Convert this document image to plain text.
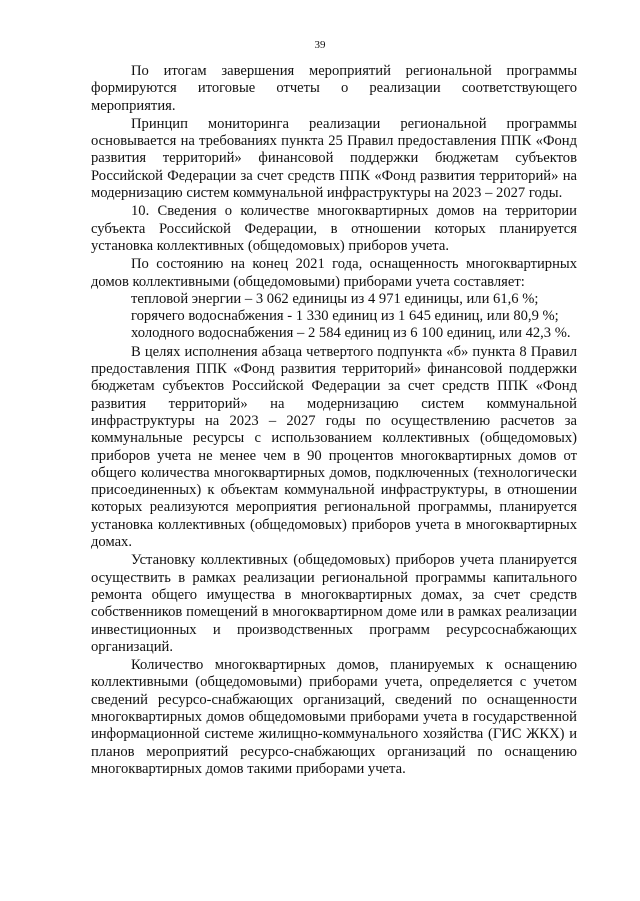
39

По итогам завершения мероприятий региональной программы формируются итоговые отчеты о реализации соответствующего мероприятия.

Принцип мониторинга реализации региональной программы основывается на требованиях пункта 25 Правил предоставления ППК «Фонд развития территорий» финансовой поддержки бюджетам субъектов Российской Федерации за счет средств ППК «Фонд развития территорий» на модернизацию систем коммунальной инфраструктуры на 2023 – 2027 годы.

10. Сведения о количестве многоквартирных домов на территории субъекта Российской Федерации, в отношении которых планируется установка коллективных (общедомовых) приборов учета.

По состоянию на конец 2021 года, оснащенность многоквартирных домов коллективными (общедомовыми) приборами учета составляет:

тепловой энергии – 3 062 единицы из 4 971 единицы, или 61,6 %;

горячего водоснабжения - 1 330 единиц из 1 645 единиц, или 80,9 %;

холодного водоснабжения – 2 584 единиц из 6 100 единиц, или 42,3 %.

В целях исполнения абзаца четвертого подпункта «б» пункта 8 Правил предоставления ППК «Фонд развития территорий» финансовой поддержки бюджетам субъектов Российской Федерации за счет средств ППК «Фонд развития территорий» на модернизацию систем коммунальной инфраструктуры на 2023 – 2027 годы по осуществлению расчетов за коммунальные ресурсы с использованием коллективных (общедомовых) приборов учета не менее чем в 90 процентов многоквартирных домов от общего количества многоквартирных домов, подключенных (технологически присоединенных) к объектам коммунальной инфраструктуры, в отношении которых реализуются мероприятия региональной программы, планируется установка коллективных (общедомовых) приборов учета в многоквартирных домах.

Установку коллективных (общедомовых) приборов учета планируется осуществить в рамках реализации региональной программы капитального ремонта общего имущества в многоквартирных домах, за счет средств собственников помещений в многоквартирном доме или в рамках реализации инвестиционных и производственных программ ресурсоснабжающих организаций.

Количество многоквартирных домов, планируемых к оснащению коллективными (общедомовыми) приборами учета, определяется с учетом сведений ресурсо-снабжающих организаций, сведений по оснащенности многоквартирных домов общедомовыми приборами учета в государственной информационной системе жилищно-коммунального хозяйства (ГИС ЖКХ) и планов мероприятий ресурсо-снабжающих организаций по оснащению многоквартирных домов такими приборами учета.
